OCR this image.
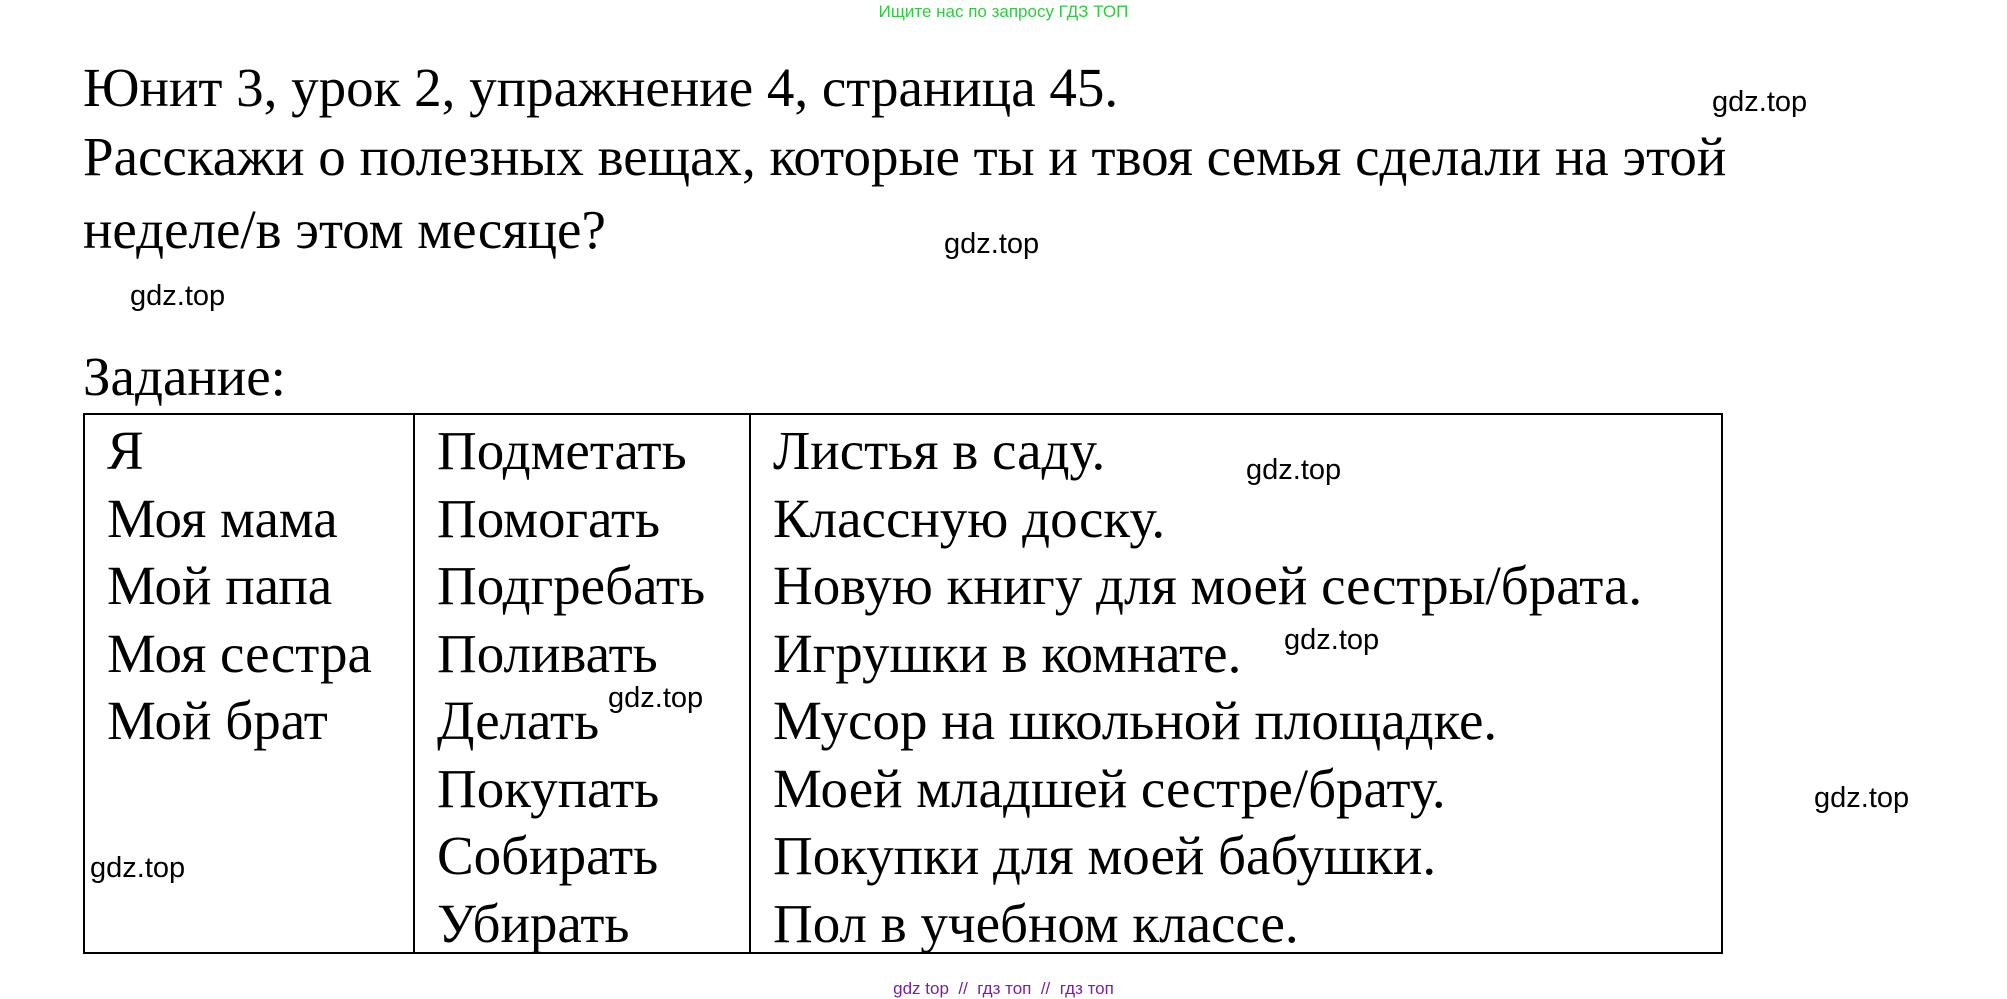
Ищите нас по запросу ГДЗ ТОП
Юнит 3, урок 2, упражнение 4, страница 45.
Расскажи о полезных вещах, которые ты и твоя семья сделали на этой
неделе/в этом месяце?
Задание:
gdz.top
gdz.top
gdz.top
Я
Моя мама
Мой папа
Моя сестра
Мой брат
Подметать
Помогать
Подгребать
Поливать
Делать
Покупать
Собирать
Убирать
Листья в саду.
Классную доску.
Новую книгу для моей сестры/брата.
Игрушки в комнате.
Мусор на школьной площадке.
Моей младшей сестре/брату.
Покупки для моей бабушки.
Пол в учебном классе.
gdz.top
gdz.top
gdz.top
gdz.top
gdz.top
gdz top  //  гдз топ  //  гдз топ
